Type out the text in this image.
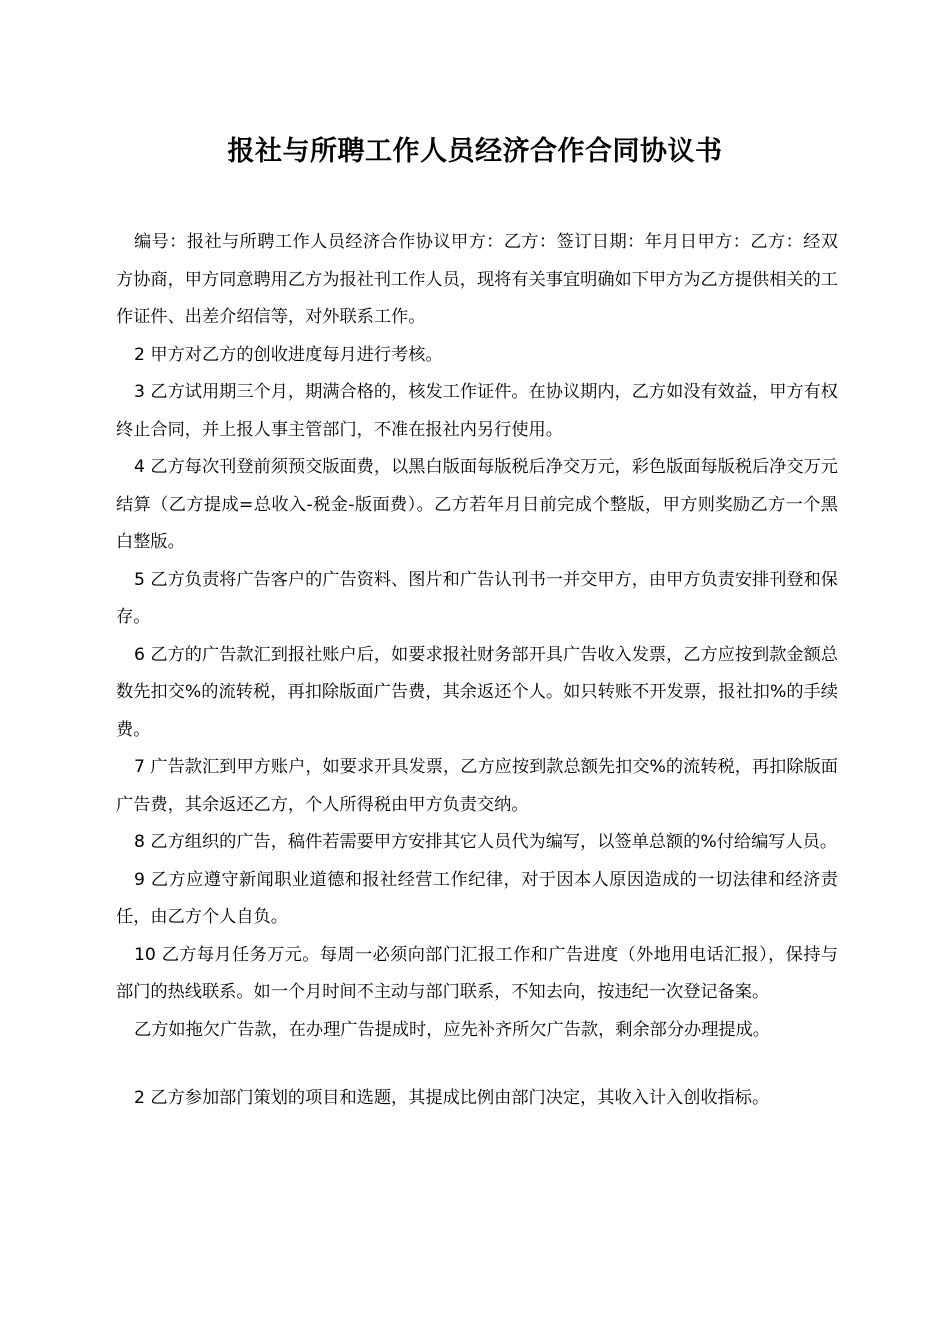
报社与所聘工作人员经济合作合同协议书

编号：报社与所聘工作人员经济合作协议甲方：乙方：签订日期：年月日甲方：乙方：经双方协商，甲方同意聘用乙方为报社刊工作人员，现将有关事宜明确如下甲方为乙方提供相关的工作证件、出差介绍信等，对外联系工作。

2 甲方对乙方的创收进度每月进行考核。

3 乙方试用期三个月，期满合格的，核发工作证件。在协议期内，乙方如没有效益，甲方有权终止合同，并上报人事主管部门，不准在报社内另行使用。

4 乙方每次刊登前须预交版面费，以黑白版面每版税后净交万元，彩色版面每版税后净交万元结算（乙方提成=总收入-税金-版面费）。乙方若年月日前完成个整版，甲方则奖励乙方一个黑白整版。

5 乙方负责将广告客户的广告资料、图片和广告认刊书一并交甲方，由甲方负责安排刊登和保存。

6 乙方的广告款汇到报社账户后，如要求报社财务部开具广告收入发票，乙方应按到款金额总数先扣交%的流转税，再扣除版面广告费，其余返还个人。如只转账不开发票，报社扣%的手续费。

7 广告款汇到甲方账户，如要求开具发票，乙方应按到款总额先扣交%的流转税，再扣除版面广告费，其余返还乙方，个人所得税由甲方负责交纳。

8 乙方组织的广告，稿件若需要甲方安排其它人员代为编写，以签单总额的%付给编写人员。

9 乙方应遵守新闻职业道德和报社经营工作纪律，对于因本人原因造成的一切法律和经济责任，由乙方个人自负。

10 乙方每月任务万元。每周一必须向部门汇报工作和广告进度（外地用电话汇报），保持与部门的热线联系。如一个月时间不主动与部门联系，不知去向，按违纪一次登记备案。

乙方如拖欠广告款，在办理广告提成时，应先补齐所欠广告款，剩余部分办理提成。

2 乙方参加部门策划的项目和选题，其提成比例由部门决定，其收入计入创收指标。
